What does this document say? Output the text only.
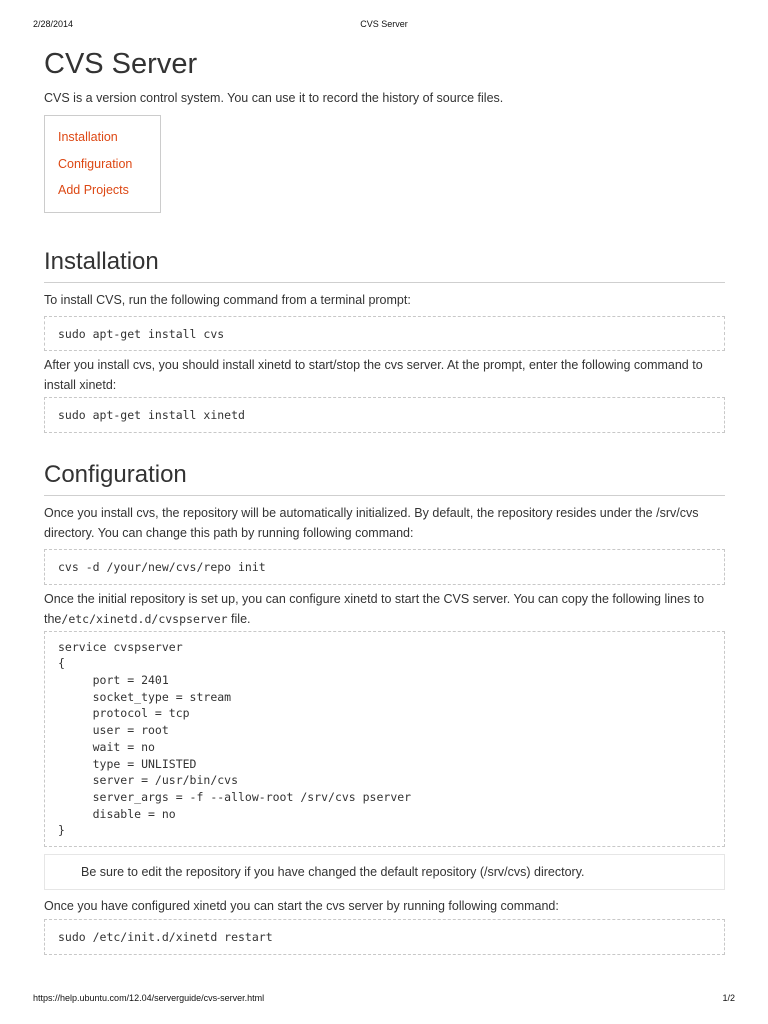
2/28/2014	CVS Server
CVS Server

CVS is a version control system. You can use it to record the history of source files.

Installation
Configuration
Add Projects
Installation

To install CVS, run the following command from a terminal prompt:

sudo apt-get install cvs

After you install cvs, you should install xinetd to start/stop the cvs server. At the prompt, enter the following command to install xinetd:

sudo apt-get install xinetd
Configuration

Once you install cvs, the repository will be automatically initialized. By default, the repository resides under the /srv/cvs directory. You can change this path by running following command:

cvs -d /your/new/cvs/repo init

Once the initial repository is set up, you can configure xinetd to start the CVS server. You can copy the following lines to the/etc/xinetd.d/cvspserver file.

service cvspserver
{
port = 2401
socket_type = stream
protocol = tcp
user = root
wait = no
type = UNLISTED
server = /usr/bin/cvs
server_args = -f --allow-root /srv/cvs pserver
disable = no
}
Be sure to edit the repository if you have changed the default repository (/srv/cvs) directory.

Once you have configured xinetd you can start the cvs server by running following command:

sudo /etc/init.d/xinetd restart
https://help.ubuntu.com/12.04/serverguide/cvs-server.html	1/2
